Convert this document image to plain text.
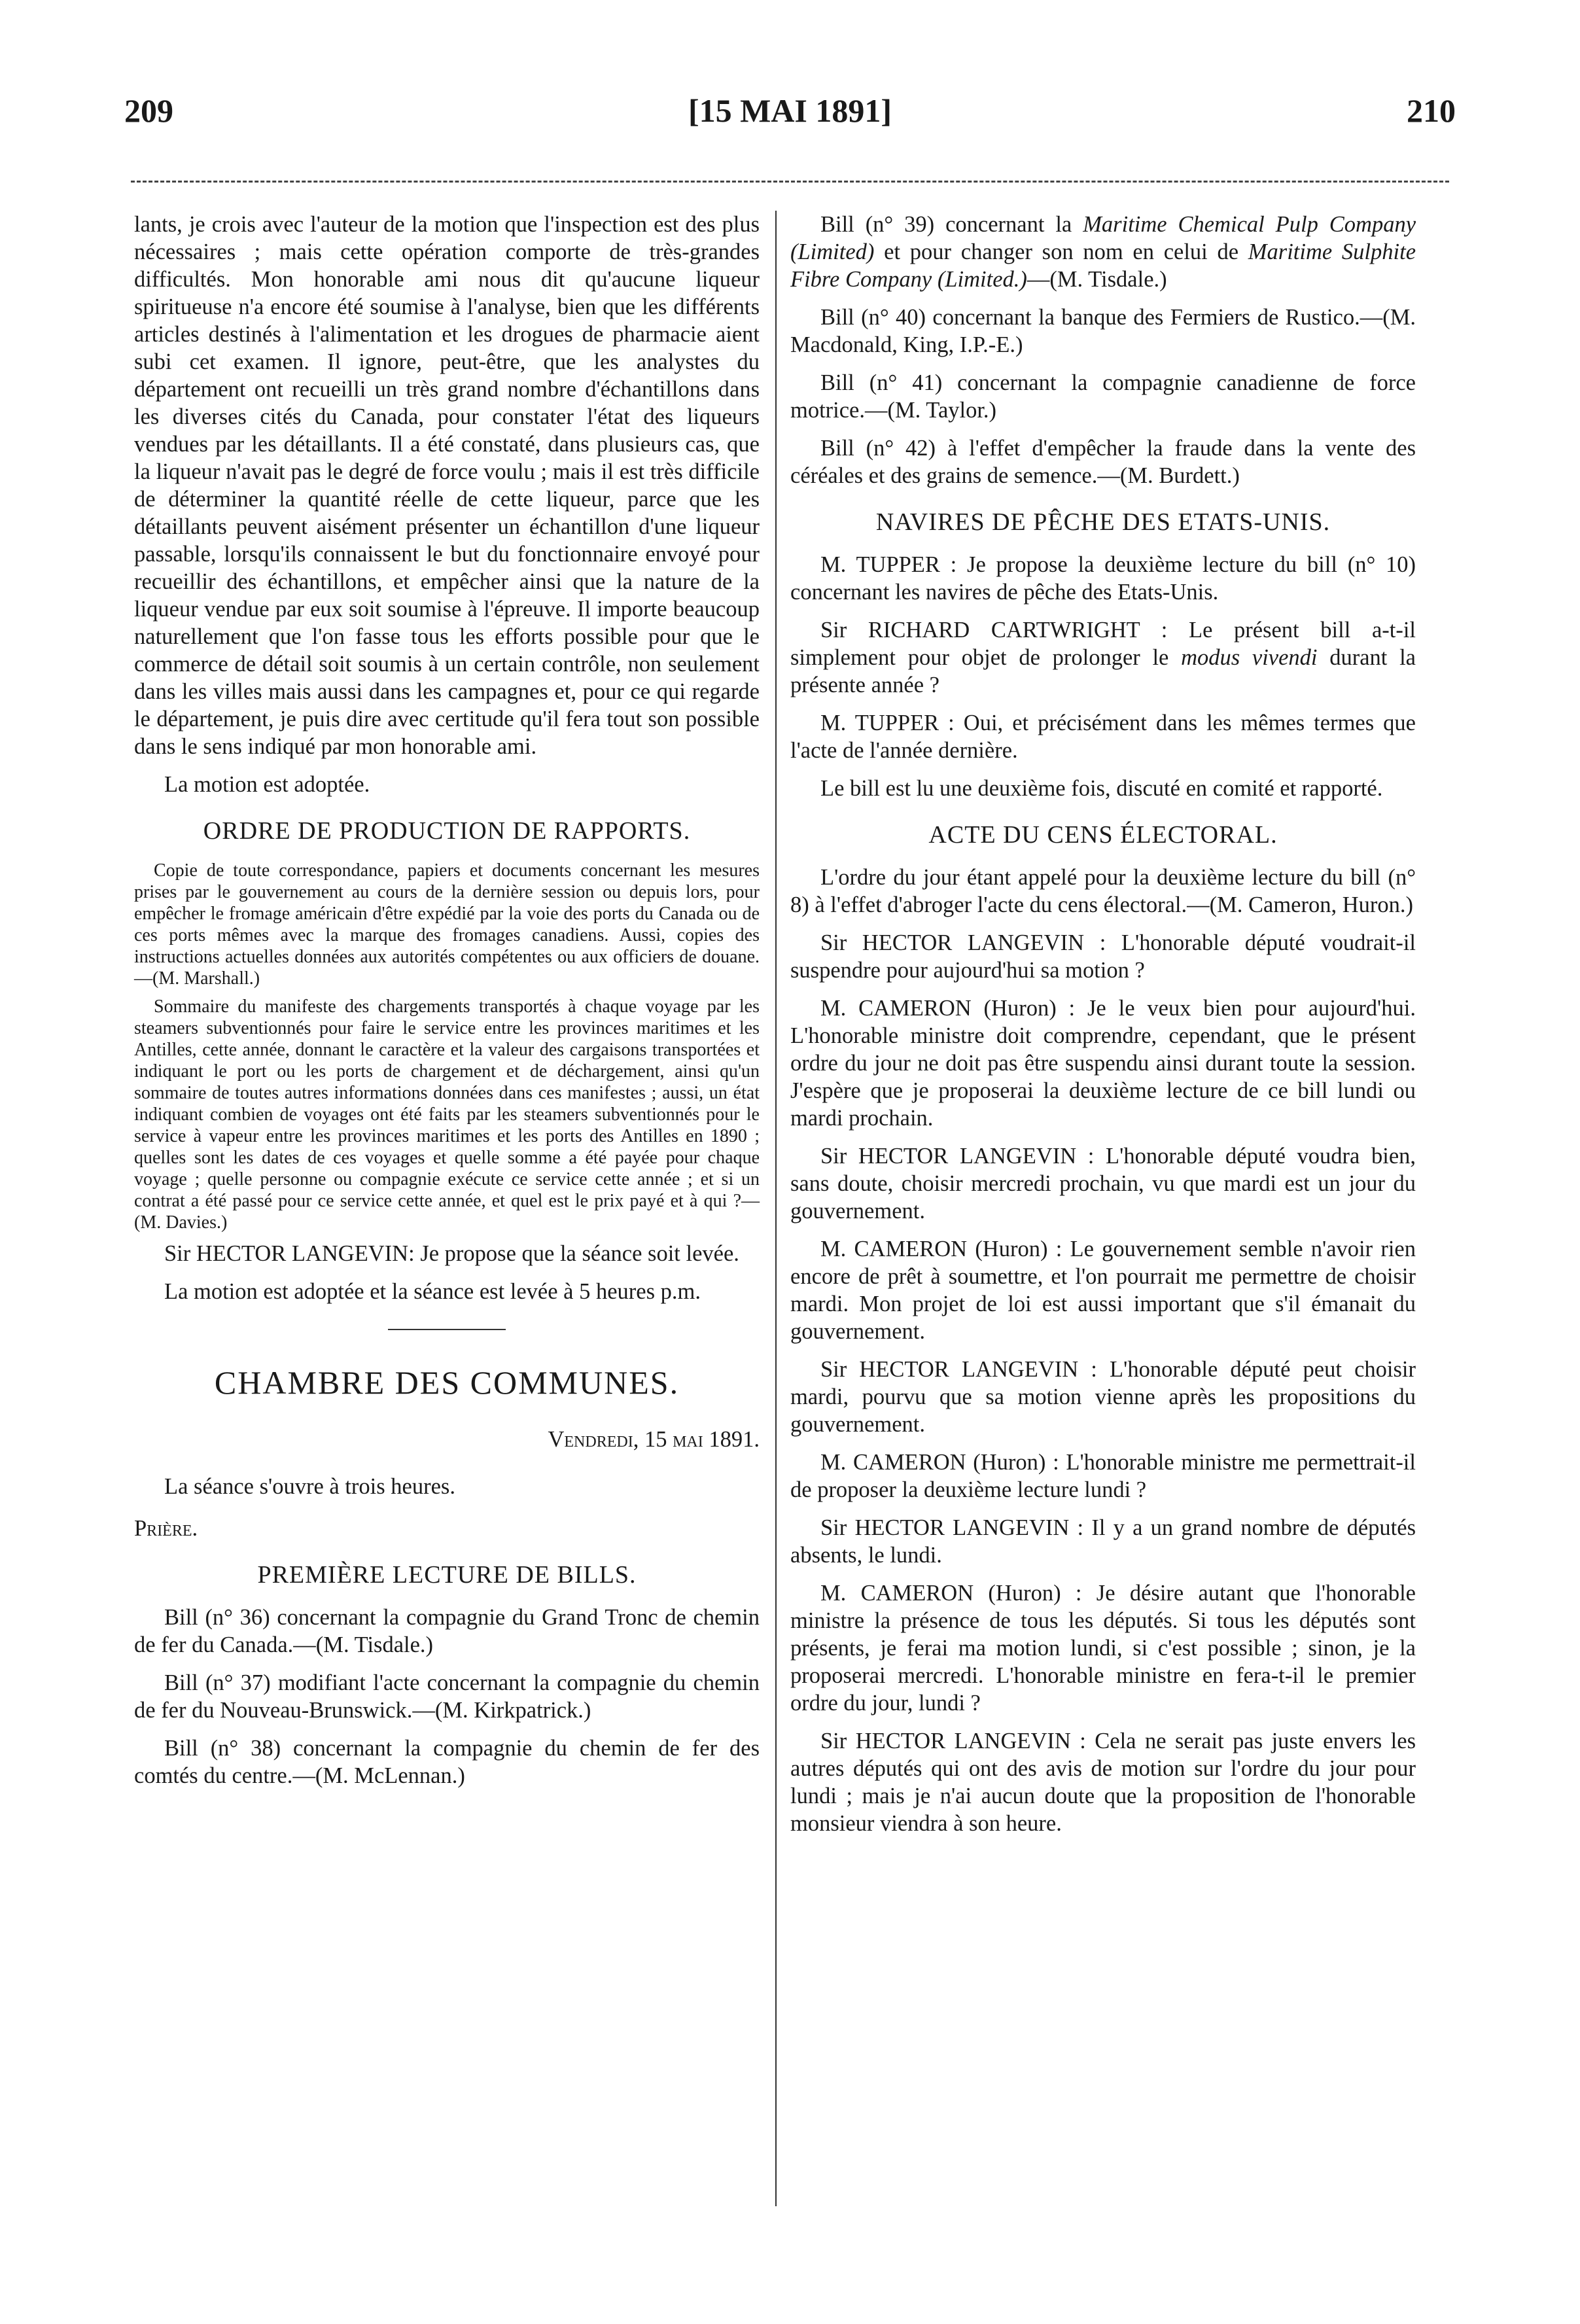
209	[15 MAI 1891]	210

lants, je crois avec l'auteur de la motion que l'inspection est des plus nécessaires ; mais cette opération comporte de très-grandes difficultés. Mon honorable ami nous dit qu'aucune liqueur spiritueuse n'a encore été soumise à l'analyse, bien que les différents articles destinés à l'alimentation et les drogues de pharmacie aient subi cet examen. Il ignore, peut-être, que les analystes du département ont recueilli un très grand nombre d'échantillons dans les diverses cités du Canada, pour constater l'état des liqueurs vendues par les détaillants. Il a été constaté, dans plusieurs cas, que la liqueur n'avait pas le degré de force voulu ; mais il est très difficile de déterminer la quantité réelle de cette liqueur, parce que les détaillants peuvent aisément présenter un échantillon d'une liqueur passable, lorsqu'ils connaissent le but du fonctionnaire envoyé pour recueillir des échantillons, et empêcher ainsi que la nature de la liqueur vendue par eux soit soumise à l'épreuve. Il importe beaucoup naturellement que l'on fasse tous les efforts possible pour que le commerce de détail soit soumis à un certain contrôle, non seulement dans les villes mais aussi dans les campagnes et, pour ce qui regarde le département, je puis dire avec certitude qu'il fera tout son possible dans le sens indiqué par mon honorable ami.

La motion est adoptée.

ORDRE DE PRODUCTION DE RAPPORTS.

Copie de toute correspondance, papiers et documents concernant les mesures prises par le gouvernement au cours de la dernière session ou depuis lors, pour empêcher le fromage américain d'être expédié par la voie des ports du Canada ou de ces ports mêmes avec la marque des fromages canadiens. Aussi, copies des instructions actuelles données aux autorités compétentes ou aux officiers de douane.—(M. Marshall.)

Sommaire du manifeste des chargements transportés à chaque voyage par les steamers subventionnés pour faire le service entre les provinces maritimes et les Antilles, cette année, donnant le caractère et la valeur des cargaisons transportées et indiquant le port ou les ports de chargement et de déchargement, ainsi qu'un sommaire de toutes autres informations données dans ces manifestes ; aussi, un état indiquant combien de voyages ont été faits par les steamers subventionnés pour le service à vapeur entre les provinces maritimes et les ports des Antilles en 1890 ; quelles sont les dates de ces voyages et quelle somme a été payée pour chaque voyage ; quelle personne ou compagnie exécute ce service cette année ; et si un contrat a été passé pour ce service cette année, et quel est le prix payé et à qui ?—(M. Davies.)

Sir HECTOR LANGEVIN: Je propose que la séance soit levée.

La motion est adoptée et la séance est levée à 5 heures p.m.

CHAMBRE DES COMMUNES.
Vendredi, 15 mai 1891.

La séance s'ouvre à trois heures.

Prière.
PREMIÈRE LECTURE DE BILLS.

Bill (n° 36) concernant la compagnie du Grand Tronc de chemin de fer du Canada.—(M. Tisdale.)

Bill (n° 37) modifiant l'acte concernant la compagnie du chemin de fer du Nouveau-Brunswick.—(M. Kirkpatrick.)

Bill (n° 38) concernant la compagnie du chemin de fer des comtés du centre.—(M. McLennan.)

Bill (n° 39) concernant la Maritime Chemical Pulp Company (Limited) et pour changer son nom en celui de Maritime Sulphite Fibre Company (Limited.)—(M. Tisdale.)

Bill (n° 40) concernant la banque des Fermiers de Rustico.—(M. Macdonald, King, I.P.-E.)

Bill (n° 41) concernant la compagnie canadienne de force motrice.—(M. Taylor.)

Bill (n° 42) à l'effet d'empêcher la fraude dans la vente des céréales et des grains de semence.—(M. Burdett.)

NAVIRES DE PÊCHE DES ETATS-UNIS.

M. TUPPER : Je propose la deuxième lecture du bill (n° 10) concernant les navires de pêche des Etats-Unis.

Sir RICHARD CARTWRIGHT : Le présent bill a-t-il simplement pour objet de prolonger le modus vivendi durant la présente année ?

M. TUPPER : Oui, et précisément dans les mêmes termes que l'acte de l'année dernière.

Le bill est lu une deuxième fois, discuté en comité et rapporté.

ACTE DU CENS ÉLECTORAL.

L'ordre du jour étant appelé pour la deuxième lecture du bill (n° 8) à l'effet d'abroger l'acte du cens électoral.—(M. Cameron, Huron.)

Sir HECTOR LANGEVIN : L'honorable député voudrait-il suspendre pour aujourd'hui sa motion ?

M. CAMERON (Huron) : Je le veux bien pour aujourd'hui. L'honorable ministre doit comprendre, cependant, que le présent ordre du jour ne doit pas être suspendu ainsi durant toute la session. J'espère que je proposerai la deuxième lecture de ce bill lundi ou mardi prochain.

Sir HECTOR LANGEVIN : L'honorable député voudra bien, sans doute, choisir mercredi prochain, vu que mardi est un jour du gouvernement.

M. CAMERON (Huron) : Le gouvernement semble n'avoir rien encore de prêt à soumettre, et l'on pourrait me permettre de choisir mardi. Mon projet de loi est aussi important que s'il émanait du gouvernement.

Sir HECTOR LANGEVIN : L'honorable député peut choisir mardi, pourvu que sa motion vienne après les propositions du gouvernement.

M. CAMERON (Huron) : L'honorable ministre me permettrait-il de proposer la deuxième lecture lundi ?

Sir HECTOR LANGEVIN : Il y a un grand nombre de députés absents, le lundi.

M. CAMERON (Huron) : Je désire autant que l'honorable ministre la présence de tous les députés. Si tous les députés sont présents, je ferai ma motion lundi, si c'est possible ; sinon, je la proposerai mercredi. L'honorable ministre en fera-t-il le premier ordre du jour, lundi ?

Sir HECTOR LANGEVIN : Cela ne serait pas juste envers les autres députés qui ont des avis de motion sur l'ordre du jour pour lundi ; mais je n'ai aucun doute que la proposition de l'honorable monsieur viendra à son heure.
